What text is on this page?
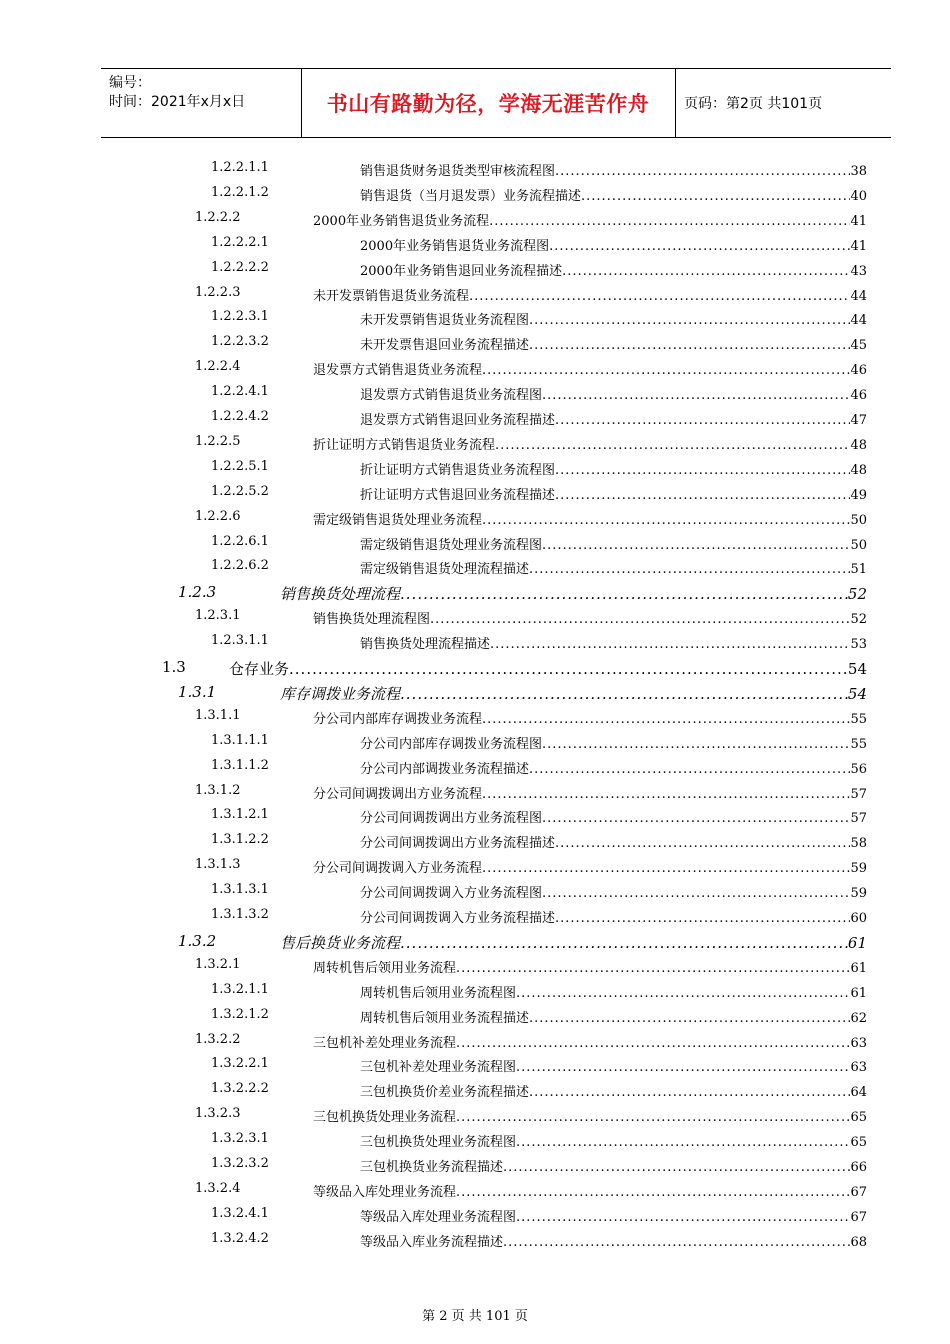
编号：
时间：2021年x月x日	书山有路勤为径，学海无涯苦作舟 页码：第2页 共101页
1.2.2.1.1	销售退货财务退货类型审核流程图 .....	38
1.2.2.1.2	销售退货（当月退发票）业务流程描述 .....	40
1.2.2.2	2000年业务销售退货业务流程 .....	41
1.2.2.2.1	2000年业务销售退货业务流程图 .....	41
1.2.2.2.2	2000年业务销售退回业务流程描述 .....	43
1.2.2.3	未开发票销售退货业务流程 .....	44
1.2.2.3.1	未开发票销售退货业务流程图 .....	44
1.2.2.3.2	未开发票售退回业务流程描述 .....	45
1.2.2.4	退发票方式销售退货业务流程 .....	46
1.2.2.4.1	退发票方式销售退货业务流程图 .....	46
1.2.2.4.2	退发票方式销售退回业务流程描述 .....	47
1.2.2.5	折让证明方式销售退货业务流程 .....	48
1.2.2.5.1	折让证明方式销售退货业务流程图 .....	48
1.2.2.5.2	折让证明方式售退回业务流程描述 .....	49
1.2.2.6	需定级销售退货处理业务流程 .....	50
1.2.2.6.1	需定级销售退货处理业务流程图 .....	50
1.2.2.6.2	需定级销售退货处理流程描述 .....	51
1.2.3	销售换货处理流程 .....	52
1.2.3.1	销售换货处理流程图 .....	52
1.2.3.1.1	销售换货处理流程描述 .....	53
1.3	仓存业务 .....	54
1.3.1	库存调拨业务流程 .....	54
1.3.1.1	分公司内部库存调拨业务流程 .....	55
1.3.1.1.1	分公司内部库存调拨业务流程图 .....	55
1.3.1.1.2	分公司内部调拨业务流程描述 .....	56
1.3.1.2	分公司间调拨调出方业务流程 .....	57
1.3.1.2.1	分公司间调拨调出方业务流程图 .....	57
1.3.1.2.2	分公司间调拨调出方业务流程描述 .....	58
1.3.1.3	分公司间调拨调入方业务流程 .....	59
1.3.1.3.1	分公司间调拨调入方业务流程图 .....	59
1.3.1.3.2	分公司间调拨调入方业务流程描述 .....	60
1.3.2	售后换货业务流程 .....	61
1.3.2.1	周转机售后领用业务流程 .....	61
1.3.2.1.1	周转机售后领用业务流程图 .....	61
1.3.2.1.2	周转机售后领用业务流程描述 .....	62
1.3.2.2	三包机补差处理业务流程 .....	63
1.3.2.2.1	三包机补差处理业务流程图 .....	63
1.3.2.2.2	三包机换货价差业务流程描述 .....	64
1.3.2.3	三包机换货处理业务流程 .....	65
1.3.2.3.1	三包机换货处理业务流程图 .....	65
1.3.2.3.2	三包机换货业务流程描述 .....	66
1.3.2.4	等级品入库处理业务流程 .....	67
1.3.2.4.1	等级品入库处理业务流程图 .....	67
1.3.2.4.2	等级品入库业务流程描述 .....	68
第 2 页 共 101 页
